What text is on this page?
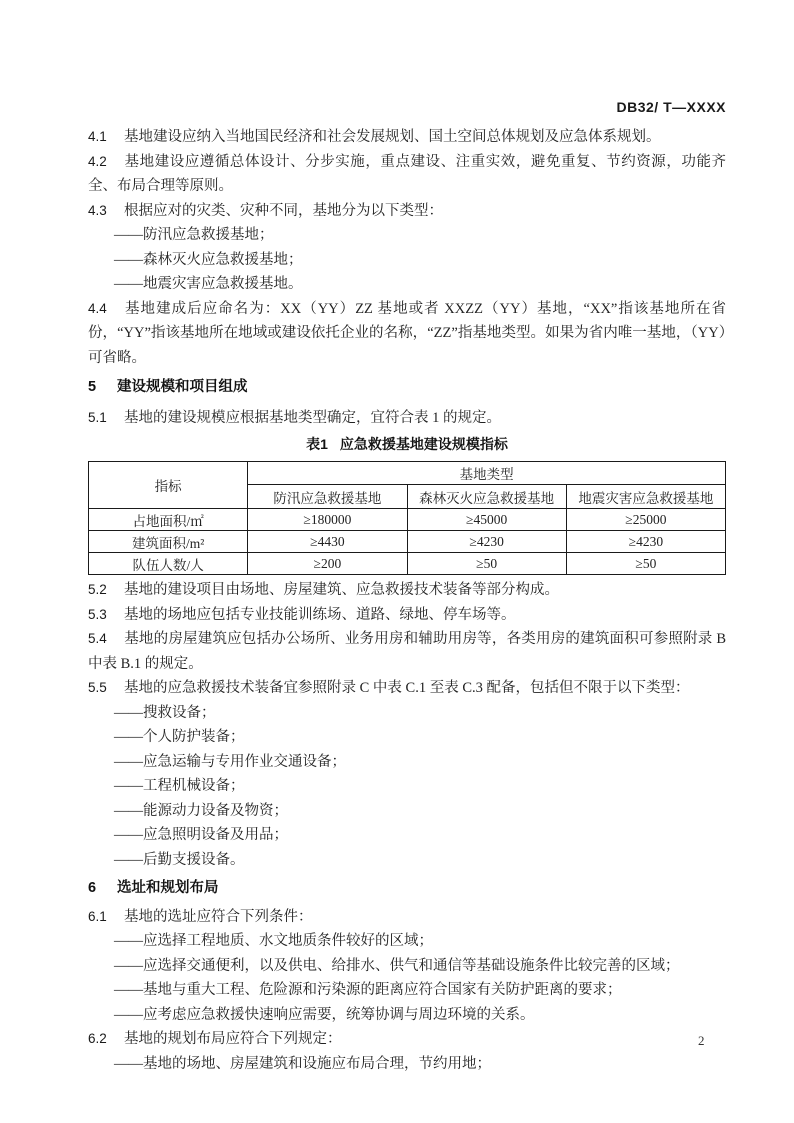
DB32/ T—XXXX

4.1 基地建设应纳入当地国民经济和社会发展规划、国土空间总体规划及应急体系规划。

4.2 基地建设应遵循总体设计、分步实施，重点建设、注重实效，避免重复、节约资源，功能齐全、布局合理等原则。

4.3 根据应对的灾类、灾种不同，基地分为以下类型：

——防汛应急救援基地；

——森林灭火应急救援基地；

——地震灾害应急救援基地。

4.4 基地建成后应命名为：XX（YY）ZZ 基地或者 XXZZ（YY）基地，“XX”指该基地所在省份，“YY”指该基地所在地域或建设依托企业的名称，“ZZ”指基地类型。如果为省内唯一基地，（YY）可省略。

5 建设规模和项目组成

5.1 基地的建设规模应根据基地类型确定，宜符合表 1 的规定。

表1 应急救援基地建设规模指标
指标	基地类型		
	防汛应急救援基地	森林灭火应急救援基地	地震灾害应急救援基地
占地面积/㎡	≥180000	≥45000	≥25000
建筑面积/m²	≥4430	≥4230	≥4230
队伍人数/人	≥200	≥50	≥50

5.2 基地的建设项目由场地、房屋建筑、应急救援技术装备等部分构成。

5.3 基地的场地应包括专业技能训练场、道路、绿地、停车场等。

5.4 基地的房屋建筑应包括办公场所、业务用房和辅助用房等，各类用房的建筑面积可参照附录 B 中表 B.1 的规定。

5.5 基地的应急救援技术装备宜参照附录 C 中表 C.1 至表 C.3 配备，包括但不限于以下类型：

——搜救设备；

——个人防护装备；

——应急运输与专用作业交通设备；

——工程机械设备；

——能源动力设备及物资；

——应急照明设备及用品；

——后勤支援设备。

6 选址和规划布局

6.1 基地的选址应符合下列条件：

——应选择工程地质、水文地质条件较好的区域；

——应选择交通便利，以及供电、给排水、供气和通信等基础设施条件比较完善的区域；

——基地与重大工程、危险源和污染源的距离应符合国家有关防护距离的要求；

——应考虑应急救援快速响应需要，统筹协调与周边环境的关系。

6.2 基地的规划布局应符合下列规定：

——基地的场地、房屋建筑和设施应布局合理，节约用地；

2
